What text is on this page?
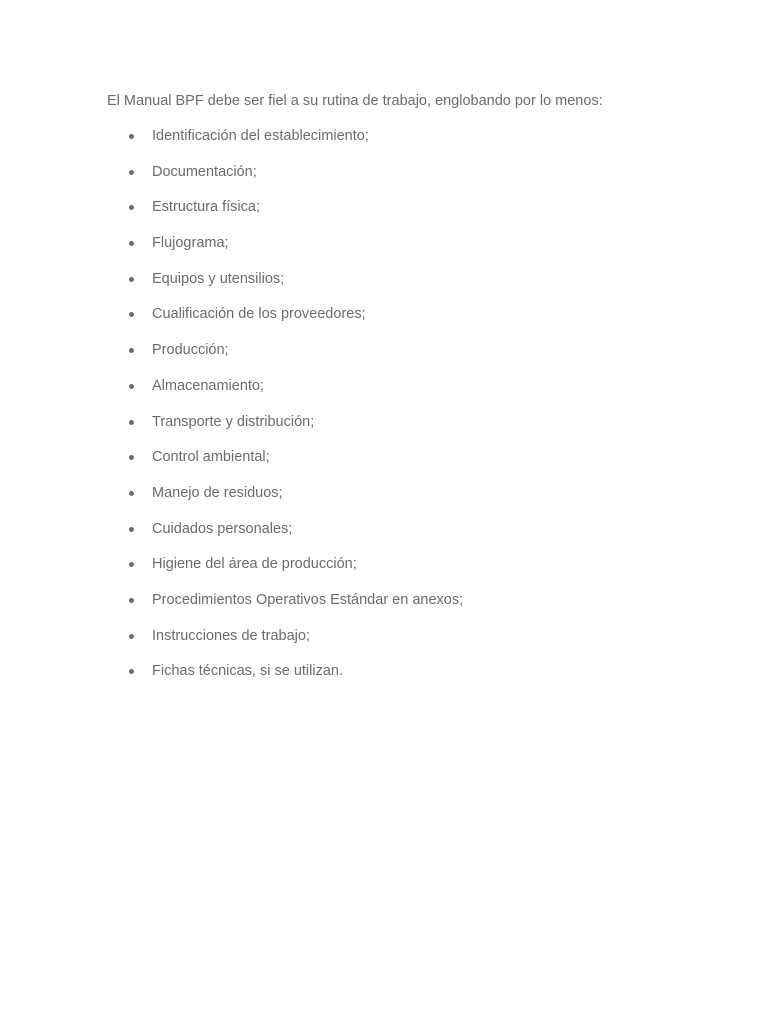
El Manual BPF debe ser fiel a su rutina de trabajo, englobando por lo menos:

Identificación del establecimiento;
Documentación;
Estructura física;
Flujograma;
Equipos y utensilios;
Cualificación de los proveedores;
Producción;
Almacenamiento;
Transporte y distribución;
Control ambiental;
Manejo de residuos;
Cuidados personales;
Higiene del área de producción;
Procedimientos Operativos Estándar en anexos;
Instrucciones de trabajo;
Fichas técnicas, si se utilizan.
